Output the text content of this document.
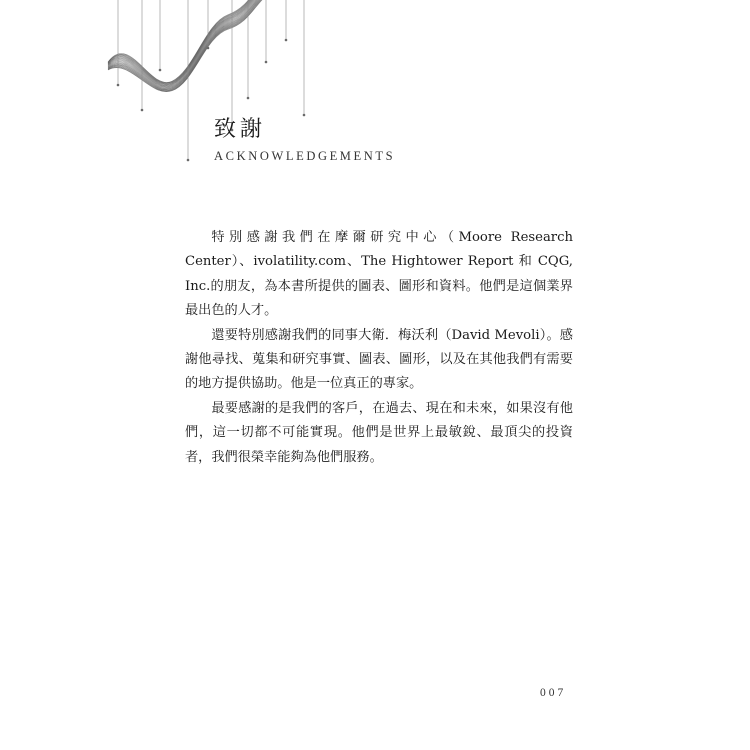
致謝
ACKNOWLEDGEMENTS

特別感謝我們在摩爾研究中心（Moore Research Center）、ivolatility.com、The Hightower Report 和 CQG, Inc.的朋友，為本書所提供的圖表、圖形和資料。他們是這個業界最出色的人才。

還要特別感謝我們的同事大衛．梅沃利（David Mevoli）。感謝他尋找、蒐集和研究事實、圖表、圖形，以及在其他我們有需要的地方提供協助。他是一位真正的專家。

最要感謝的是我們的客戶，在過去、現在和未來，如果沒有他們，這一切都不可能實現。他們是世界上最敏銳、最頂尖的投資者，我們很榮幸能夠為他們服務。

007
